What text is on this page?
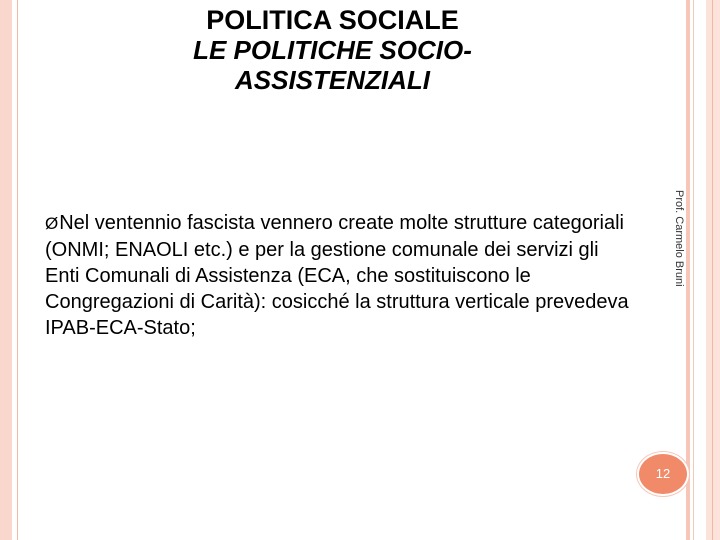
POLITICA SOCIALE
LE POLITICHE SOCIO-ASSISTENZIALI
Prof. Carmelo Bruni
ØNel ventennio fascista vennero create molte strutture categoriali (ONMI; ENAOLI etc.) e per la gestione comunale dei servizi gli Enti Comunali di Assistenza (ECA, che sostituiscono le Congregazioni di Carità): cosicché la struttura verticale prevedeva IPAB-ECA-Stato;
12
